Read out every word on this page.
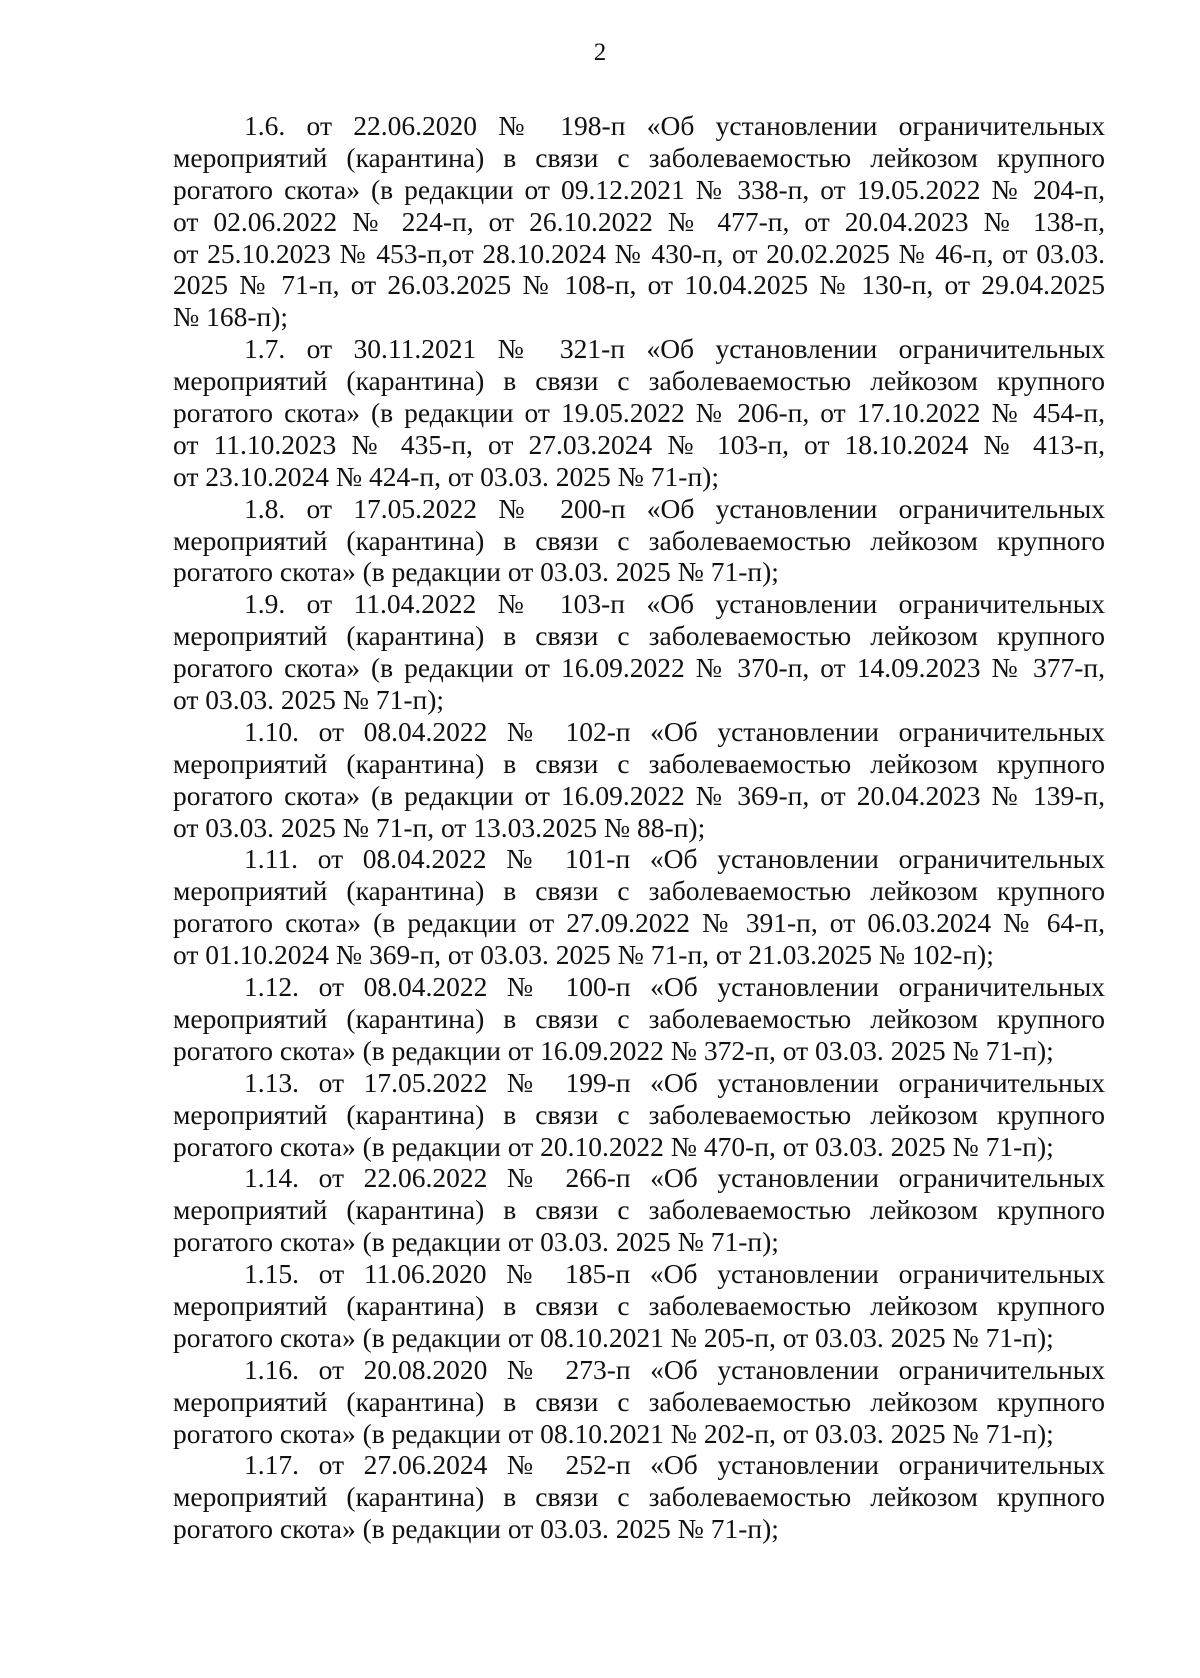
2
1.6. от 22.06.2020 № 198-п «Об установлении ограничительных
мероприятий (карантина) в связи с заболеваемостью лейкозом крупного
рогатого скота» (в редакции от 09.12.2021 № 338-п, от 19.05.2022 № 204-п,
от 02.06.2022 № 224-п, от 26.10.2022 № 477-п, от 20.04.2023 № 138-п,
от 25.10.2023 № 453-п,от 28.10.2024 № 430-п, от 20.02.2025 № 46-п, от 03.03.
2025 № 71-п, от 26.03.2025 № 108-п, от 10.04.2025 № 130-п, от 29.04.2025
№ 168-п);
1.7. от 30.11.2021 № 321-п «Об установлении ограничительных
мероприятий (карантина) в связи с заболеваемостью лейкозом крупного
рогатого скота» (в редакции от 19.05.2022 № 206-п, от 17.10.2022 № 454-п,
от 11.10.2023 № 435-п, от 27.03.2024 № 103-п, от 18.10.2024 № 413-п,
от 23.10.2024 № 424-п, от 03.03. 2025 № 71-п);
1.8. от 17.05.2022 № 200-п «Об установлении ограничительных
мероприятий (карантина) в связи с заболеваемостью лейкозом крупного
рогатого скота» (в редакции от 03.03. 2025 № 71-п);
1.9. от 11.04.2022 № 103-п «Об установлении ограничительных
мероприятий (карантина) в связи с заболеваемостью лейкозом крупного
рогатого скота» (в редакции от 16.09.2022 № 370-п, от 14.09.2023 № 377-п,
от 03.03. 2025 № 71-п);
1.10. от 08.04.2022 № 102-п «Об установлении ограничительных
мероприятий (карантина) в связи с заболеваемостью лейкозом крупного
рогатого скота» (в редакции от 16.09.2022 № 369-п, от 20.04.2023 № 139-п,
от 03.03. 2025 № 71-п, от 13.03.2025 № 88-п);
1.11. от 08.04.2022 № 101-п «Об установлении ограничительных
мероприятий (карантина) в связи с заболеваемостью лейкозом крупного
рогатого скота» (в редакции от 27.09.2022 № 391-п, от 06.03.2024 № 64-п,
от 01.10.2024 № 369-п, от 03.03. 2025 № 71-п, от 21.03.2025 № 102-п);
1.12. от 08.04.2022 № 100-п «Об установлении ограничительных
мероприятий (карантина) в связи с заболеваемостью лейкозом крупного
рогатого скота» (в редакции от 16.09.2022 № 372-п, от 03.03. 2025 № 71-п);
1.13. от 17.05.2022 № 199-п «Об установлении ограничительных
мероприятий (карантина) в связи с заболеваемостью лейкозом крупного
рогатого скота» (в редакции от 20.10.2022 № 470-п, от 03.03. 2025 № 71-п);
1.14. от 22.06.2022 № 266-п «Об установлении ограничительных
мероприятий (карантина) в связи с заболеваемостью лейкозом крупного
рогатого скота» (в редакции от 03.03. 2025 № 71-п);
1.15. от 11.06.2020 № 185-п «Об установлении ограничительных
мероприятий (карантина) в связи с заболеваемостью лейкозом крупного
рогатого скота» (в редакции от 08.10.2021 № 205-п, от 03.03. 2025 № 71-п);
1.16. от 20.08.2020 № 273-п «Об установлении ограничительных
мероприятий (карантина) в связи с заболеваемостью лейкозом крупного
рогатого скота» (в редакции от 08.10.2021 № 202-п, от 03.03. 2025 № 71-п);
1.17. от 27.06.2024 № 252-п «Об установлении ограничительных
мероприятий (карантина) в связи с заболеваемостью лейкозом крупного
рогатого скота» (в редакции от 03.03. 2025 № 71-п);
